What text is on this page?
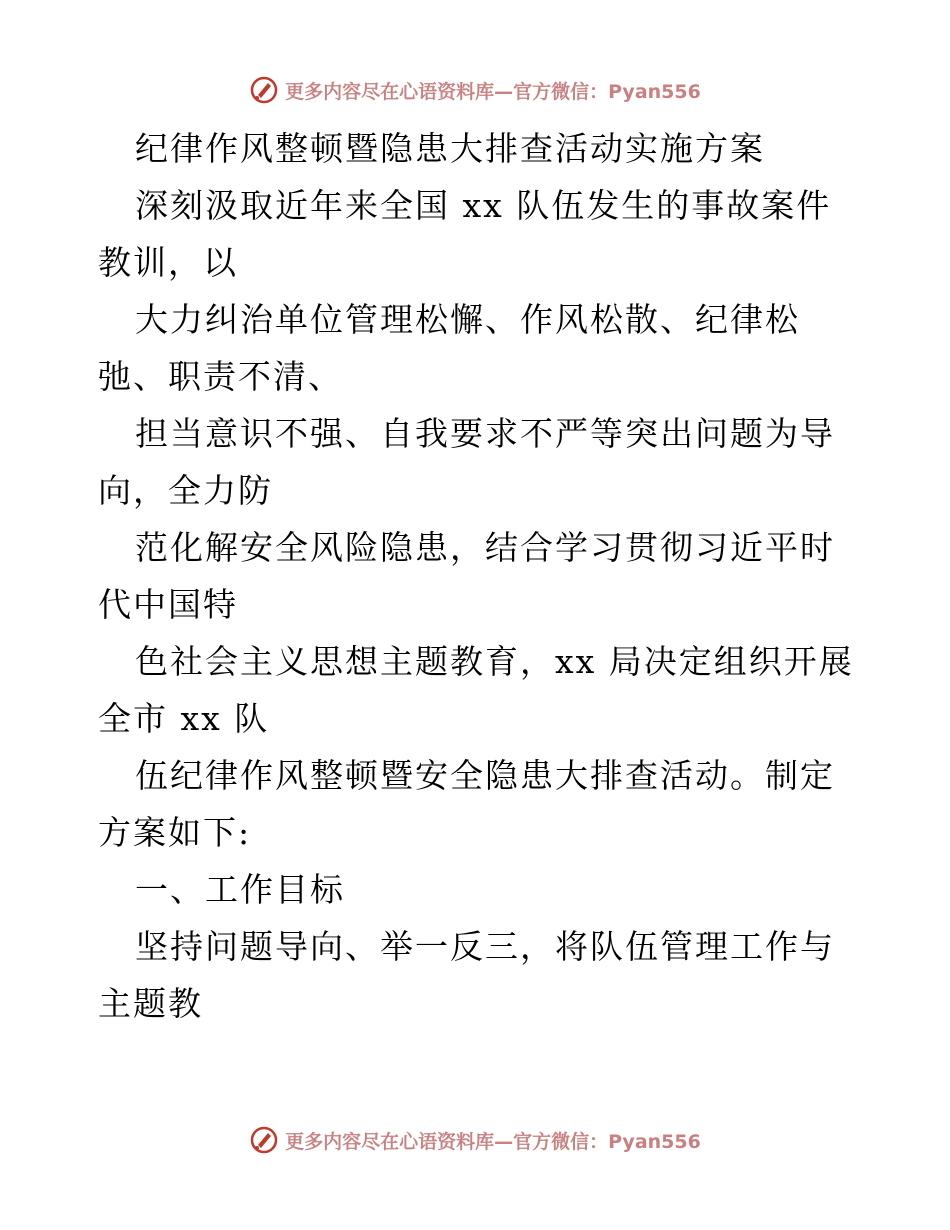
更多内容尽在心语资料库—官方微信：Pyan556

纪律作风整顿暨隐患大排查活动实施方案

深刻汲取近年来全国 xx 队伍发生的事故案件教训，以

大力纠治单位管理松懈、作风松散、纪律松弛、职责不清、

担当意识不强、自我要求不严等突出问题为导向，全力防

范化解安全风险隐患，结合学习贯彻习近平时代中国特

色社会主义思想主题教育，xx 局决定组织开展全市 xx 队

伍纪律作风整顿暨安全隐患大排查活动。制定方案如下:

一、工作目标

坚持问题导向、举一反三，将队伍管理工作与主题教

更多内容尽在心语资料库—官方微信：Pyan556
